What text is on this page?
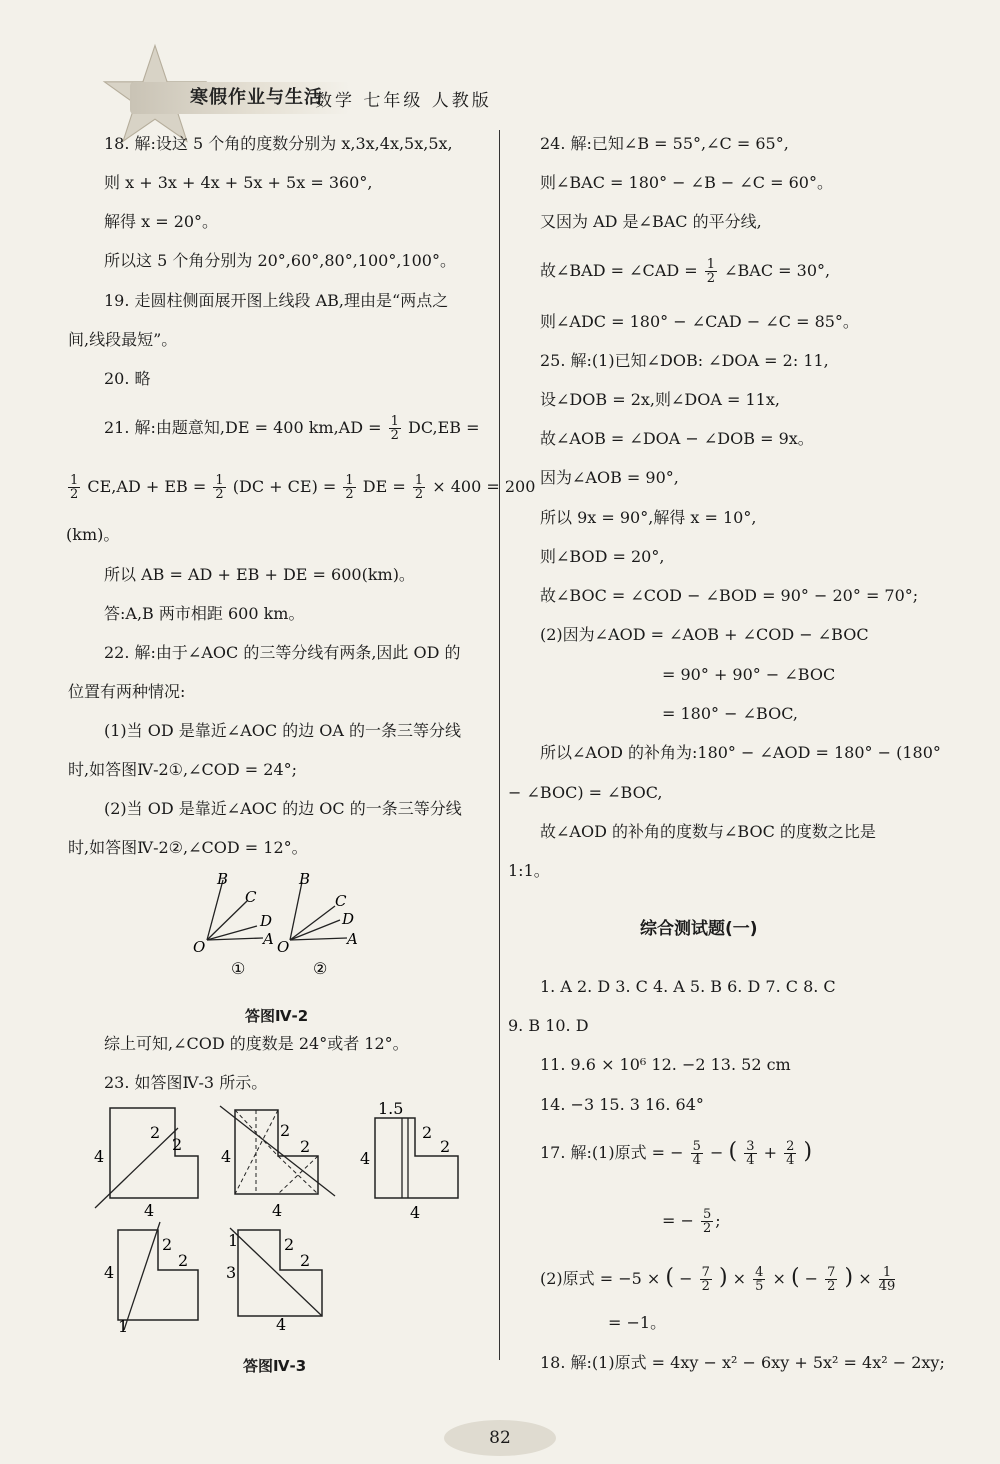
寒假作业与生活
数学 七年级 人教版
18. 解:设这 5 个角的度数分别为 x,3x,4x,5x,5x,
则 x + 3x + 4x + 5x + 5x = 360°,
解得 x = 20°。
所以这 5 个角分别为 20°,60°,80°,100°,100°。
19. 走圆柱侧面展开图上线段 AB,理由是“两点之
间,线段最短”。
20. 略
21. 解:由题意知,DE = 400 $km,AD = \frac{1}{2} DC,EB$ =
$\frac{1}{2} CE,AD$ + EB = $\frac{1}{2} (DC + CE) = \frac{1}{2}$ DE = $\frac{1}{2} \times 400 = 200$
(km)。
所以 AB = AD + EB + DE = 600(km)。
答:A,B 两市相距 600 km。
22. 解:由于∠AOC 的三等分线有两条,因此 OD 的
位置有两种情况:
(1)当 OD 是靠近∠AOC 的边 OA 的一条三等分线
时,如答图Ⅳ-2①,∠COD = 24°;
(2)当 OD 是靠近∠AOC 的边 OC 的一条三等分线
时,如答图Ⅳ-2②,∠COD = 12°。
B
C
D
A
O
①
B
C
D
A
O
②
答图Ⅳ-2
综上可知,∠COD 的度数是 24°或者 12°。
23. 如答图Ⅳ-3 所示。
4
2
2
4
4
2
2
4
1.5
4
2
2
4
4
2
2
1
1
3
2
2
4
答图Ⅳ-3
24. 解:已知∠B = 55°,∠C = 65°,
则∠BAC = 180° − ∠B − ∠C = 60°。
又因为 AD 是∠BAC 的平分线,
故∠BAD = ∠CAD = $\frac{1}{2}$ ∠BAC = 30°,
则∠ADC = 180° − ∠CAD − ∠C = 85°。
25. 解:(1)已知∠DOB: ∠DOA = 2: 11,
设∠DOB = 2x,则∠DOA = 11x,
故∠AOB = ∠DOA − ∠DOB = 9x。
因为∠AOB = 90°,
所以 9x = 90°,解得 x = 10°,
则∠BOD = 20°,
故∠BOC = ∠COD − ∠BOD = 90° − 20° = 70°;
(2)因为∠AOD = ∠AOB + ∠COD − ∠BOC
= 90° + 90° − ∠BOC
= 180° − ∠BOC,
所以∠AOD 的补角为:180° − ∠AOD = 180° − (180°
− ∠BOC) = ∠BOC,
故∠AOD 的补角的度数与∠BOC 的度数之比是
1:1。
综合测试题(一)
1. A 2. D 3. C 4. A 5. B 6. D 7. C 8. C
9. B 10. D
11. 9.6 × 10⁶ 12. −2 13. 52 cm
14. −3 15. 3 16. 64°
17. 解:(1)原式 = − $\frac{5}{4}$ − ( $\frac{3}{4} + \frac{2}{4}$ )
= − $\frac{5}{2}$ ;
(2)原式 = −5 × ( − $\frac{7}{2}$ ) × $\frac{4}{5}$ × ( − $\frac{7}{2}$ ) × $\frac{1}{49}$
= −1。
18. 解:(1)原式 = 4xy − x² − 6xy + 5x² = 4x² − 2xy;
82
